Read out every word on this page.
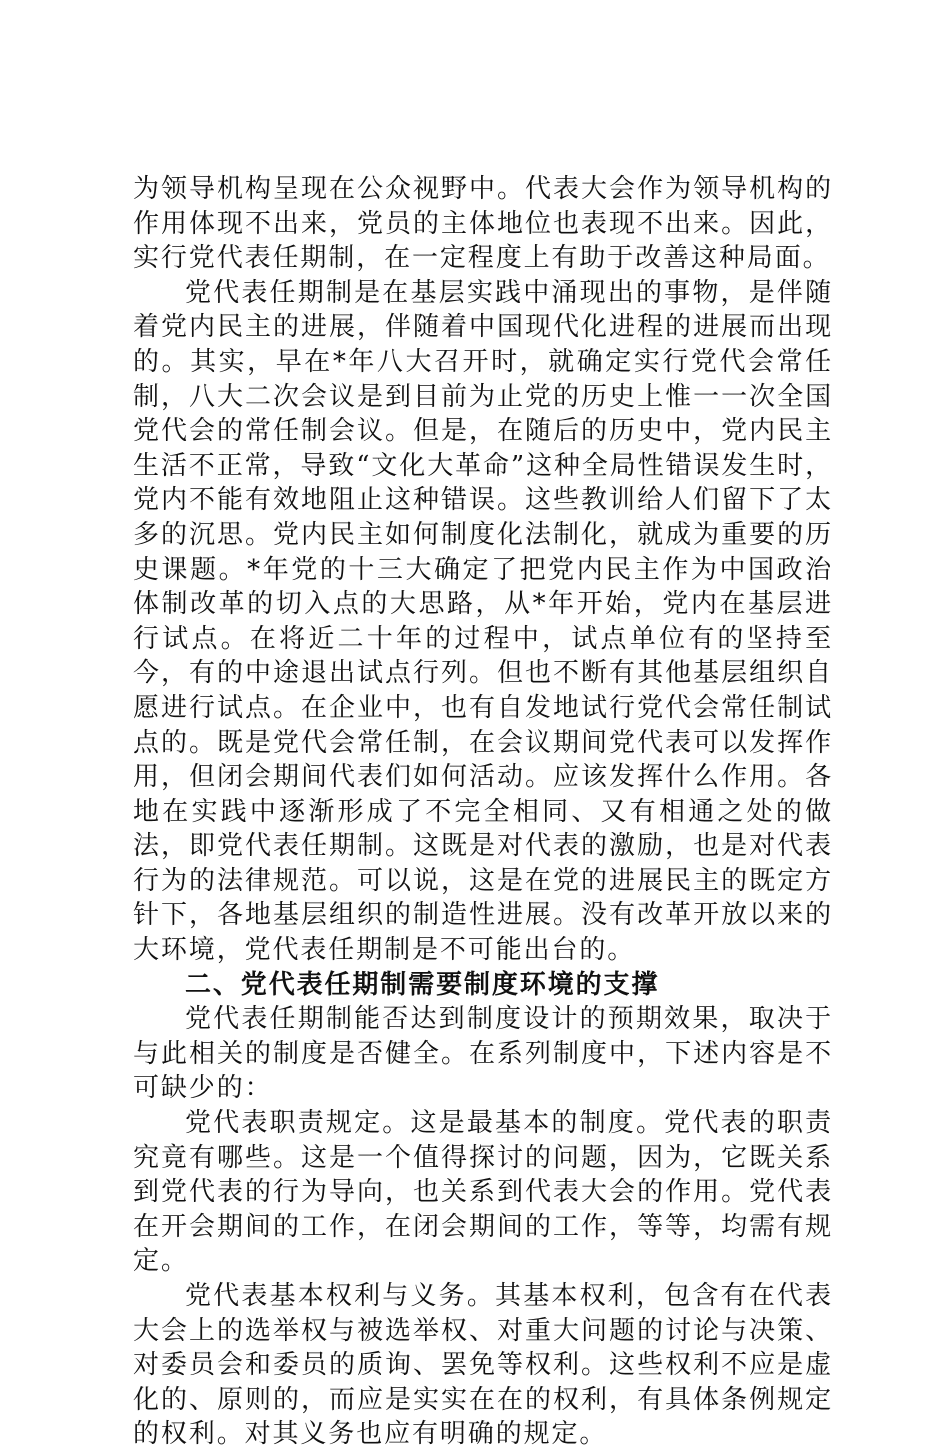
为领导机构呈现在公众视野中。代表大会作为领导机构的作用体现不出来，党员的主体地位也表现不出来。因此，实行党代表任期制，在一定程度上有助于改善这种局面。

党代表任期制是在基层实践中涌现出的事物，是伴随着党内民主的进展，伴随着中国现代化进程的进展而出现的。其实，早在*年八大召开时，就确定实行党代会常任制，八大二次会议是到目前为止党的历史上惟一一次全国党代会的常任制会议。但是，在随后的历史中，党内民主生活不正常，导致“文化大革命”这种全局性错误发生时，党内不能有效地阻止这种错误。这些教训给人们留下了太多的沉思。党内民主如何制度化法制化，就成为重要的历史课题。*年党的十三大确定了把党内民主作为中国政治体制改革的切入点的大思路，从*年开始，党内在基层进行试点。在将近二十年的过程中，试点单位有的坚持至今，有的中途退出试点行列。但也不断有其他基层组织自愿进行试点。在企业中，也有自发地试行党代会常任制试点的。既是党代会常任制，在会议期间党代表可以发挥作用，但闭会期间代表们如何活动。应该发挥什么作用。各地在实践中逐渐形成了不完全相同、又有相通之处的做法，即党代表任期制。这既是对代表的激励，也是对代表行为的法律规范。可以说，这是在党的进展民主的既定方针下，各地基层组织的制造性进展。没有改革开放以来的大环境，党代表任期制是不可能出台的。

二、党代表任期制需要制度环境的支撑

党代表任期制能否达到制度设计的预期效果，取决于与此相关的制度是否健全。在系列制度中，下述内容是不可缺少的：

党代表职责规定。这是最基本的制度。党代表的职责究竟有哪些。这是一个值得探讨的问题，因为，它既关系到党代表的行为导向，也关系到代表大会的作用。党代表在开会期间的工作，在闭会期间的工作，等等，均需有规定。

党代表基本权利与义务。其基本权利，包含有在代表大会上的选举权与被选举权、对重大问题的讨论与决策、对委员会和委员的质询、罢免等权利。这些权利不应是虚化的、原则的，而应是实实在在的权利，有具体条例规定的权利。对其义务也应有明确的规定。
